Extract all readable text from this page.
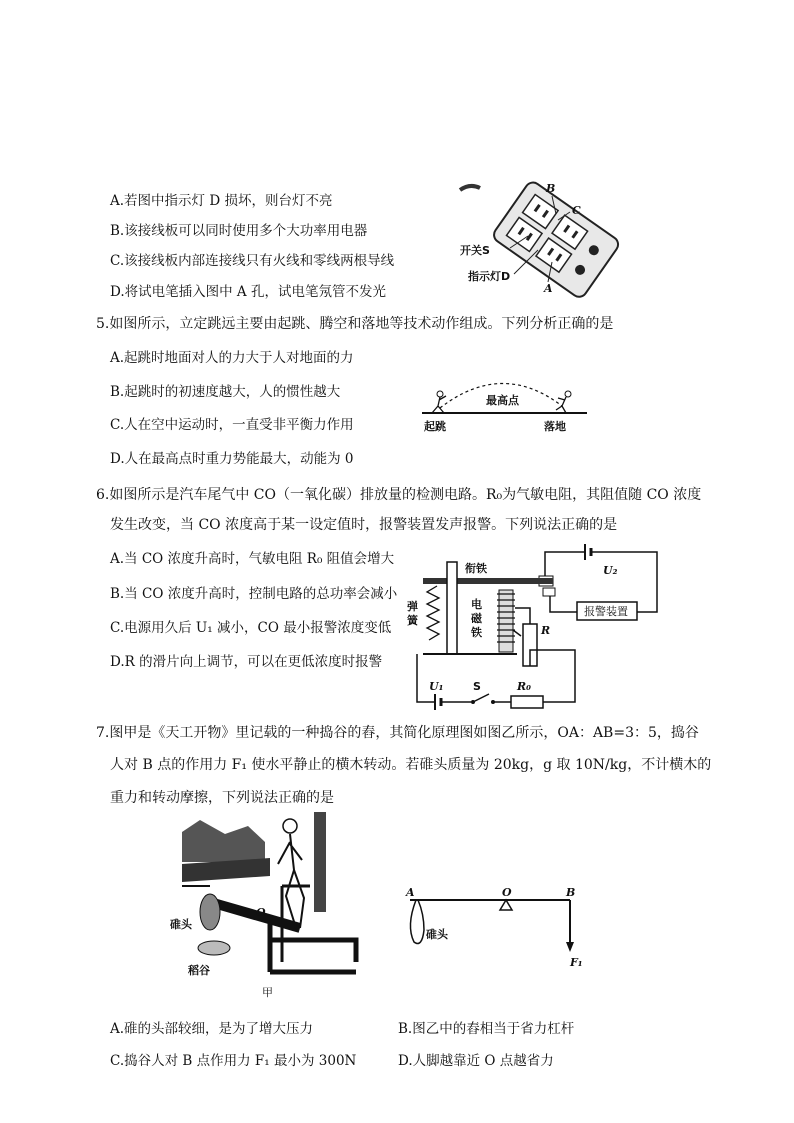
A.若图中指示灯 D 损坏，则台灯不亮
B.该接线板可以同时使用多个大功率用电器
C.该接线板内部连接线只有火线和零线两根导线
D.将试电笔插入图中 A 孔，试电笔氖管不发光
B
C
开关S
指示灯D
A
5.如图所示，立定跳远主要由起跳、腾空和落地等技术动作组成。下列分析正确的是
A.起跳时地面对人的力大于人对地面的力
B.起跳时的初速度越大，人的惯性越大
C.人在空中运动时，一直受非平衡力作用
D.人在最高点时重力势能最大，动能为 0
最高点
起跳	落地
6.如图所示是汽车尾气中 CO（一氧化碳）排放量的检测电路。R₀为气敏电阻，其阻值随 CO 浓度
发生改变，当 CO 浓度高于某一设定值时，报警装置发声报警。下列说法正确的是
A.当 CO 浓度升高时，气敏电阻 R₀ 阻值会增大
B.当 CO 浓度升高时，控制电路的总功率会减小
C.电源用久后 U₁ 减小，CO 最小报警浓度变低
D.R 的滑片向上调节，可以在更低浓度时报警
报警装置
U₂
衔铁
弹
簧
电
磁
铁	R
U₁	S	R₀
7.图甲是《天工开物》里记载的一种捣谷的舂，其简化原理图如图乙所示，OA：AB=3：5，捣谷
人对 B 点的作用力 F₁ 使水平静止的横木转动。若碓头质量为 20kg，g 取 10N/kg，不计横木的
重力和转动摩擦，下列说法正确的是
碓头
稻谷
O
甲
A	O	B
碓头
F₁
A.碓的头部较细，是为了增大压力	B.图乙中的舂相当于省力杠杆
C.捣谷人对 B 点作用力 F₁ 最小为 300N	D.人脚越靠近 O 点越省力
